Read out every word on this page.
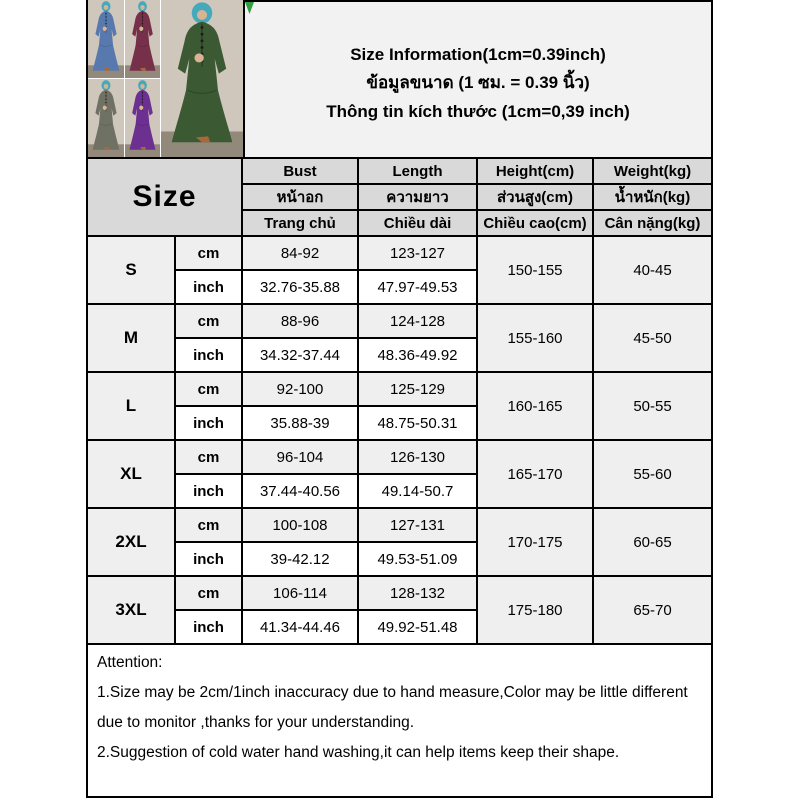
Size Information(1cm=0.39inch)
ข้อมูลขนาด (1 ซม. = 0.39 นิ้ว)
Thông tin kích thước (1cm=0,39 inch)
Size		Bust	Length	Height(cm)	Weight(kg)
		หน้าอก	ความยาว	ส่วนสูง(cm)	น้ำหนัก(kg)
		Trang chủ	Chiều dài	Chiều cao(cm)	Cân nặng(kg)
S	cm	84-92	123-127	150-155	40-45
	inch	32.76-35.88	47.97-49.53		
M	cm	88-96	124-128	155-160	45-50
	inch	34.32-37.44	48.36-49.92		
L	cm	92-100	125-129	160-165	50-55
	inch	35.88-39	48.75-50.31		
XL	cm	96-104	126-130	165-170	55-60
	inch	37.44-40.56	49.14-50.7		
2XL	cm	100-108	127-131	170-175	60-65
	inch	39-42.12	49.53-51.09		
3XL	cm	106-114	128-132	175-180	65-70
	inch	41.34-44.46	49.92-51.48		
Attention:
1.Size may be 2cm/1inch inaccuracy due to hand measure,Color may be little different due to monitor ,thanks for your understanding.
2.Suggestion of cold water hand washing,it can help items keep their shape.
